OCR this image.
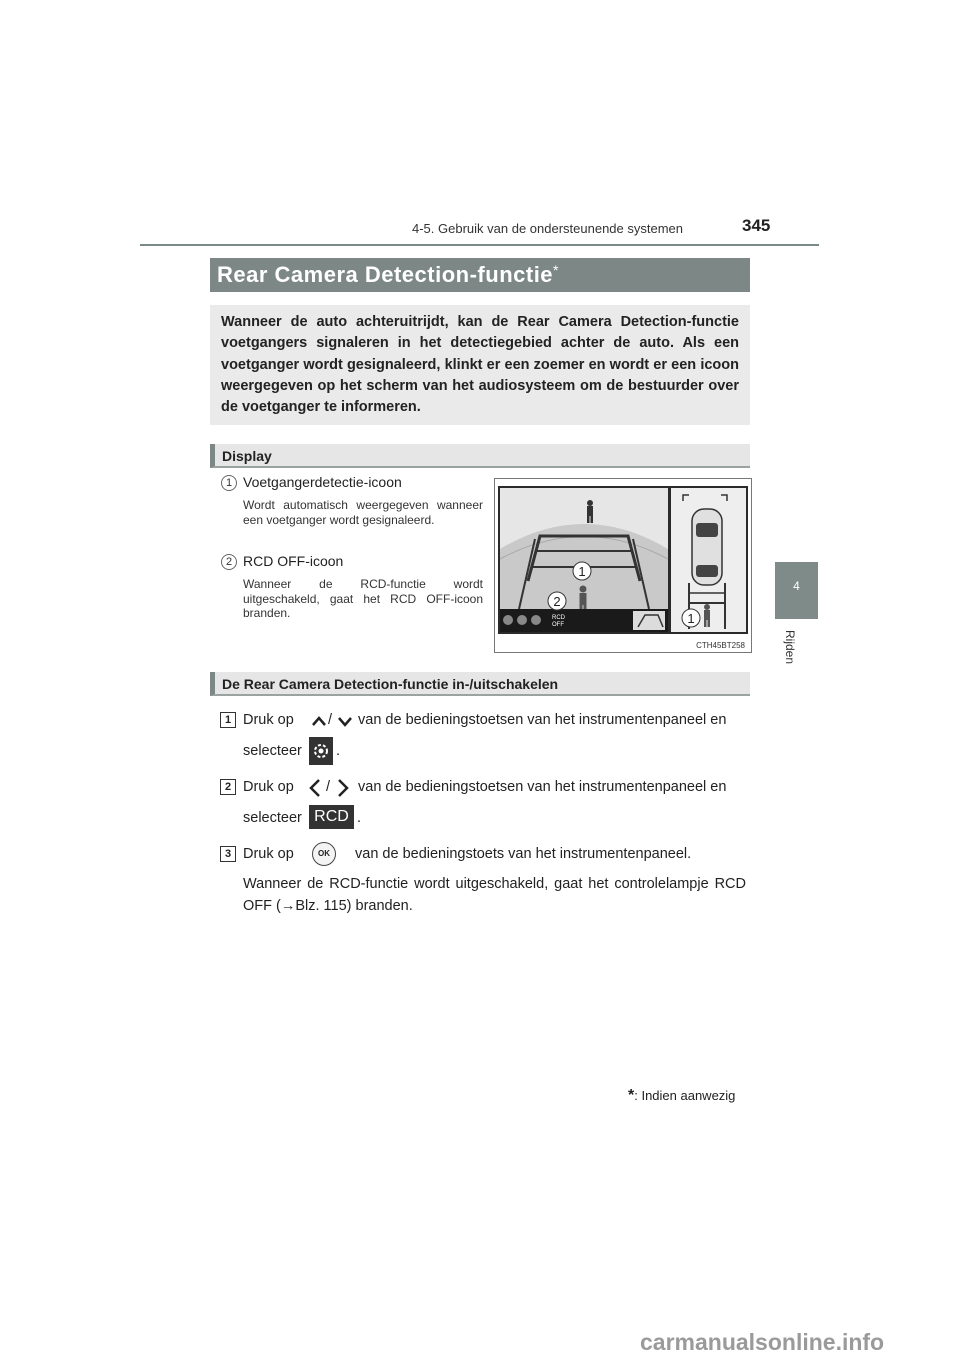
4-5. Gebruik van de ondersteunende systemen	345
4
Rijden
Rear Camera Detection-functie*
Wanneer de auto achteruitrijdt, kan de Rear Camera Detection-functie voetgangers signaleren in het detectiegebied achter de auto. Als een voetganger wordt gesignaleerd, klinkt er een zoemer en wordt er een icoon weergegeven op het scherm van het audiosysteem om de bestuurder over de voetganger te informeren.
Display
1 Voetgangerdetectie-icoon
Wordt automatisch weergegeven wanneer een voetganger wordt gesignaleerd.
2 RCD OFF-icoon
Wanneer de RCD-functie wordt uitgeschakeld, gaat het RCD OFF-icoon branden.
1
2
1
RCD
OFF
CTH45BT258
De Rear Camera Detection-functie in-/uitschakelen
1 Druk op / van de bedieningstoetsen van het instrumentenpaneel en
selecteer .
2 Druk op / van de bedieningstoetsen van het instrumentenpaneel en
selecteer RCD .
3 Druk op	OK	van de bedieningstoets van het instrumentenpaneel.
Wanneer de RCD-functie wordt uitgeschakeld, gaat het controlelampje RCD OFF (→Blz. 115) branden.
*: Indien aanwezig
carmanualsonline.info
